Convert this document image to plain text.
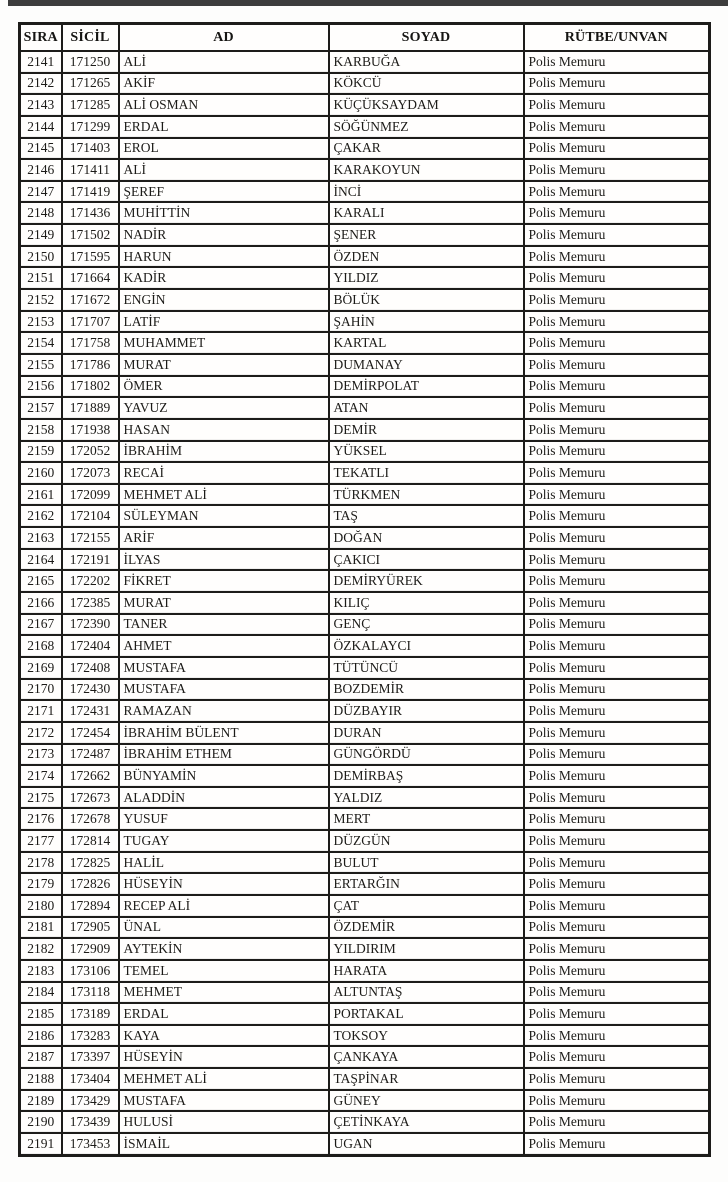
SIRA	SİCİL	AD	SOYAD	RÜTBE/UNVAN
2141	171250	ALİ	KARBUĞA	Polis Memuru
2142	171265	AKİF	KÖKCÜ	Polis Memuru
2143	171285	ALİ OSMAN	KÜÇÜKSAYDAM	Polis Memuru
2144	171299	ERDAL	SÖĞÜNMEZ	Polis Memuru
2145	171403	EROL	ÇAKAR	Polis Memuru
2146	171411	ALİ	KARAKOYUN	Polis Memuru
2147	171419	ŞEREF	İNCİ	Polis Memuru
2148	171436	MUHİTTİN	KARALI	Polis Memuru
2149	171502	NADİR	ŞENER	Polis Memuru
2150	171595	HARUN	ÖZDEN	Polis Memuru
2151	171664	KADİR	YILDIZ	Polis Memuru
2152	171672	ENGİN	BÖLÜK	Polis Memuru
2153	171707	LATİF	ŞAHİN	Polis Memuru
2154	171758	MUHAMMET	KARTAL	Polis Memuru
2155	171786	MURAT	DUMANAY	Polis Memuru
2156	171802	ÖMER	DEMİRPOLAT	Polis Memuru
2157	171889	YAVUZ	ATAN	Polis Memuru
2158	171938	HASAN	DEMİR	Polis Memuru
2159	172052	İBRAHİM	YÜKSEL	Polis Memuru
2160	172073	RECAİ	TEKATLI	Polis Memuru
2161	172099	MEHMET ALİ	TÜRKMEN	Polis Memuru
2162	172104	SÜLEYMAN	TAŞ	Polis Memuru
2163	172155	ARİF	DOĞAN	Polis Memuru
2164	172191	İLYAS	ÇAKICI	Polis Memuru
2165	172202	FİKRET	DEMİRYÜREK	Polis Memuru
2166	172385	MURAT	KILIÇ	Polis Memuru
2167	172390	TANER	GENÇ	Polis Memuru
2168	172404	AHMET	ÖZKALAYCI	Polis Memuru
2169	172408	MUSTAFA	TÜTÜNCÜ	Polis Memuru
2170	172430	MUSTAFA	BOZDEMİR	Polis Memuru
2171	172431	RAMAZAN	DÜZBAYIR	Polis Memuru
2172	172454	İBRAHİM BÜLENT	DURAN	Polis Memuru
2173	172487	İBRAHİM ETHEM	GÜNGÖRDÜ	Polis Memuru
2174	172662	BÜNYAMİN	DEMİRBAŞ	Polis Memuru
2175	172673	ALADDİN	YALDIZ	Polis Memuru
2176	172678	YUSUF	MERT	Polis Memuru
2177	172814	TUGAY	DÜZGÜN	Polis Memuru
2178	172825	HALİL	BULUT	Polis Memuru
2179	172826	HÜSEYİN	ERTARĞIN	Polis Memuru
2180	172894	RECEP ALİ	ÇAT	Polis Memuru
2181	172905	ÜNAL	ÖZDEMİR	Polis Memuru
2182	172909	AYTEKİN	YILDIRIM	Polis Memuru
2183	173106	TEMEL	HARATA	Polis Memuru
2184	173118	MEHMET	ALTUNTAŞ	Polis Memuru
2185	173189	ERDAL	PORTAKAL	Polis Memuru
2186	173283	KAYA	TOKSOY	Polis Memuru
2187	173397	HÜSEYİN	ÇANKAYA	Polis Memuru
2188	173404	MEHMET ALİ	TAŞPİNAR	Polis Memuru
2189	173429	MUSTAFA	GÜNEY	Polis Memuru
2190	173439	HULUSİ	ÇETİNKAYA	Polis Memuru
2191	173453	İSMAİL	UGAN	Polis Memuru
